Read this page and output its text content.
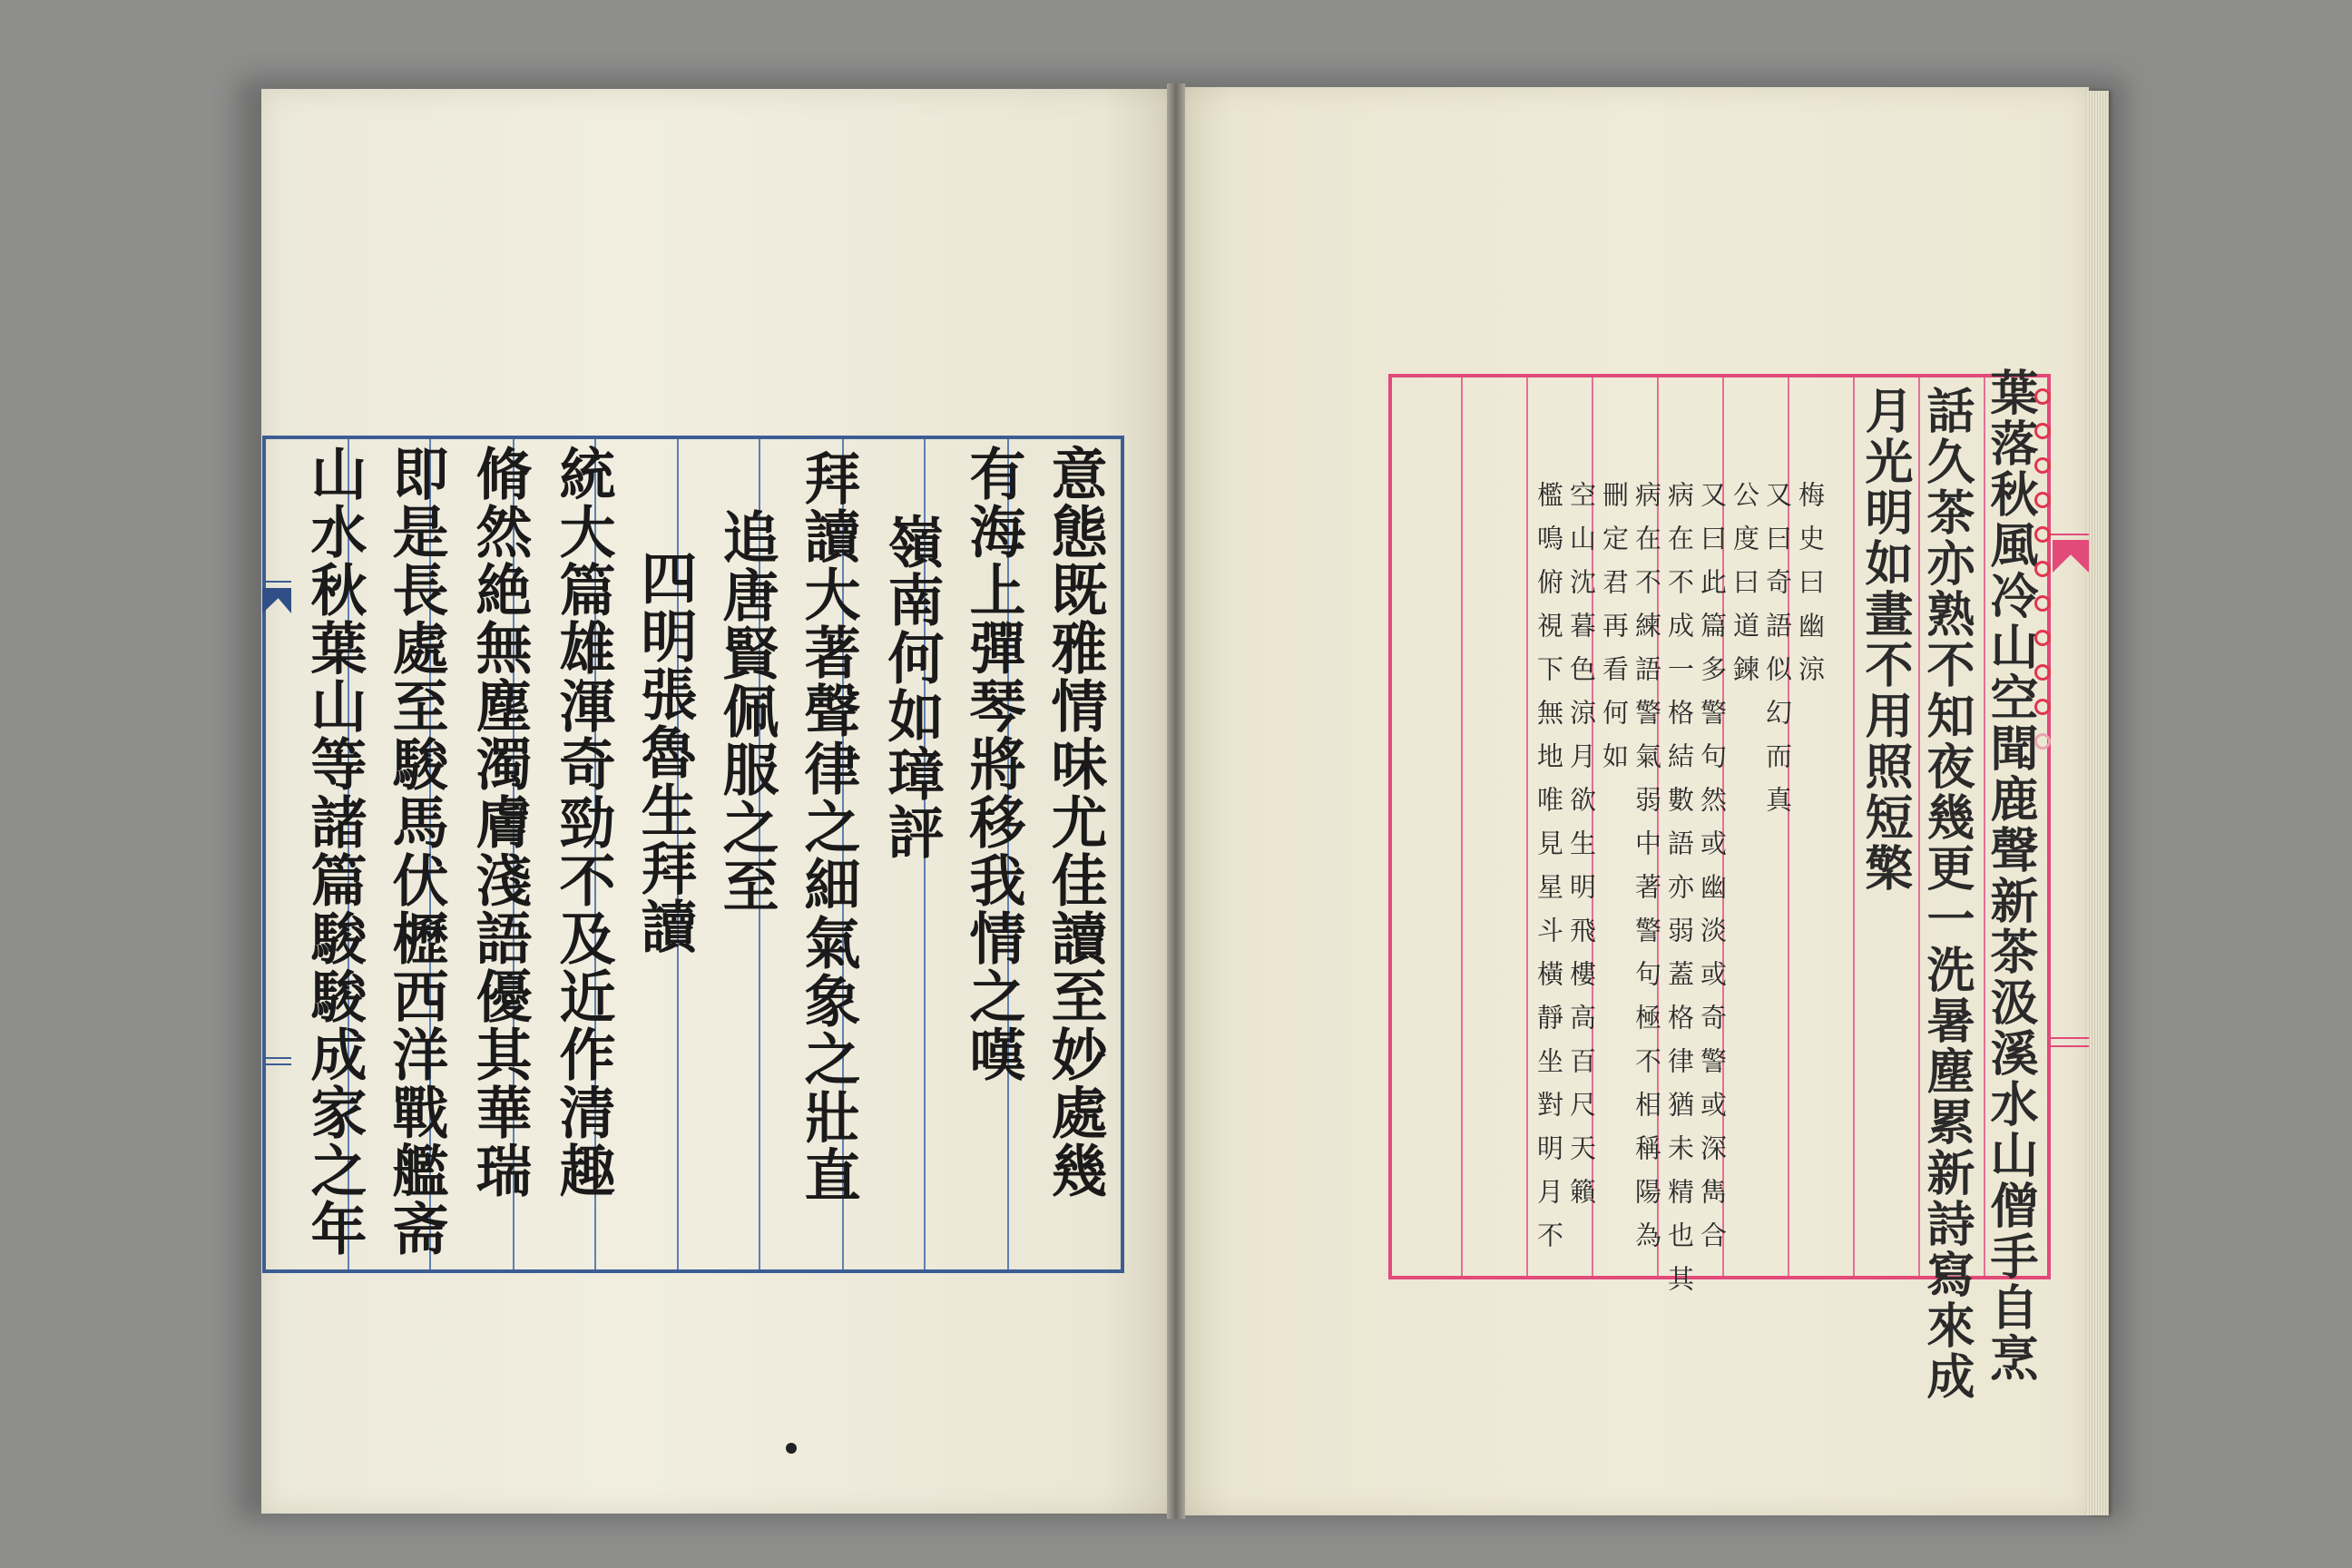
意態既雅情味尤佳讀至妙處幾
有海上彈琴將移我情之嘆
嶺南何如璋評
拜讀大著聲律之細氣象之壯直
追唐賢佩服之至
四明張魯生拜讀
統大篇雄渾奇勁不及近作清趣
脩然絶無塵濁膚淺語優其華瑞
即是長處至駿馬伏櫪西洋戰艦斋
山水秋葉山等諸篇駿駿成家之年	葉落秋風冷山空聞鹿聲新茶汲溪水山僧手自烹
話久茶亦熟不知夜幾更一洗暑塵累新詩寫來成
月光明如畫不用照短檠
梅史曰幽涼
又曰奇語似幻而真
公度曰道鍊
又曰此篇多警句然或幽淡或奇警或深雋合
病在不成一格結數語亦弱蓋格律猶未精也其
病在不練語警氣弱中著警句極不相稱陽為
刪定君再看何如
空山沈暮色涼月欲生明飛樓高百尺天籟
檻鳴俯視下無地唯見星斗橫靜坐對明月不
